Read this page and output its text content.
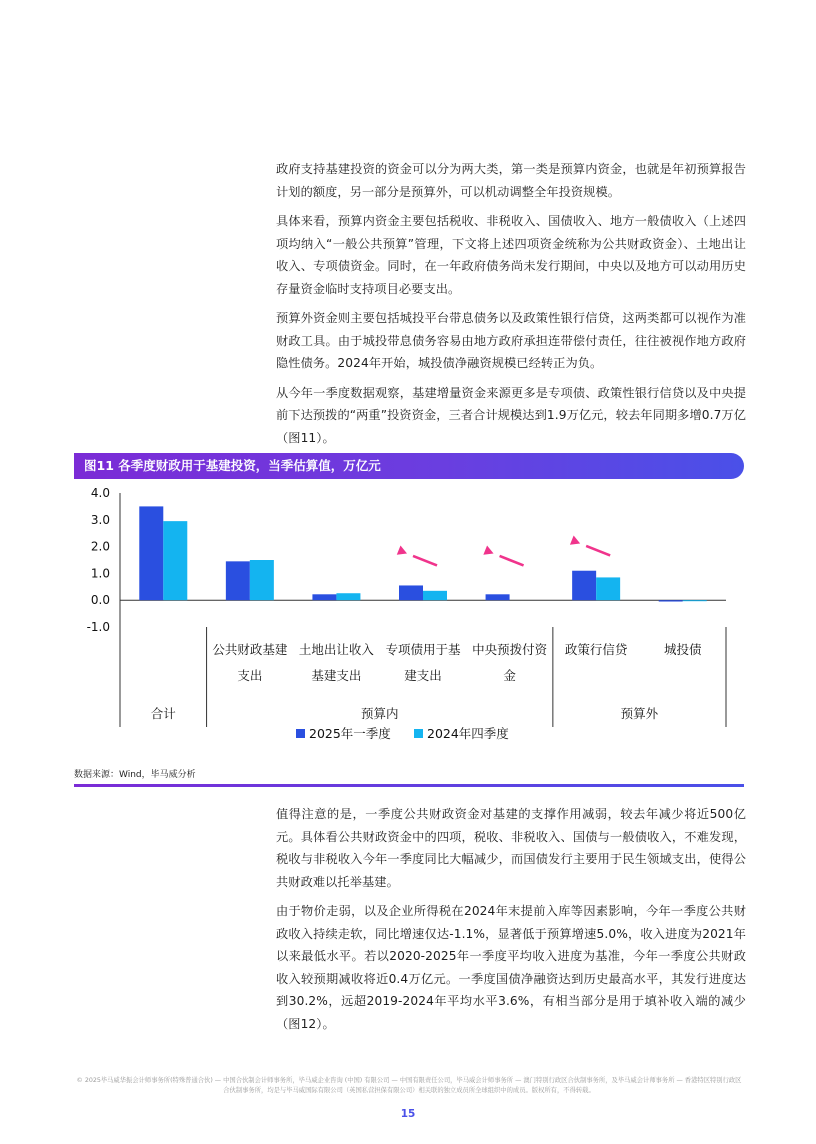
政府支持基建投资的资金可以分为两大类，第一类是预算内资金，也就是年初预算报告计划的额度，另一部分是预算外，可以机动调整全年投资规模。

具体来看，预算内资金主要包括税收、非税收入、国债收入、地方一般债收入（上述四项均纳入“一般公共预算”管理，下文将上述四项资金统称为公共财政资金）、土地出让收入、专项债资金。同时，在一年政府债务尚未发行期间，中央以及地方可以动用历史存量资金临时支持项目必要支出。

预算外资金则主要包括城投平台带息债务以及政策性银行信贷，这两类都可以视作为准财政工具。由于城投带息债务容易由地方政府承担连带偿付责任，往往被视作地方政府隐性债务。2024年开始，城投债净融资规模已经转正为负。

从今年一季度数据观察，基建增量资金来源更多是专项债、政策性银行信贷以及中央提前下达预拨的“两重”投资资金，三者合计规模达到1.9万亿元，较去年同期多增0.7万亿（图11）。

图11 各季度财政用于基建投资，当季估算值，万亿元
4.0
3.0
2.0
1.0
0.0
-1.0
合计
公共财政基建
支出
土地出让收入
基建支出
专项债用于基
建支出
中央预拨付资
金
政策行信贷	城投债
预算内	预算外
2025年一季度	2024年四季度
数据来源：Wind，毕马威分析

值得注意的是，一季度公共财政资金对基建的支撑作用减弱，较去年减少将近500亿元。具体看公共财政资金中的四项，税收、非税收入、国债与一般债收入，不难发现，税收与非税收入今年一季度同比大幅减少，而国债发行主要用于民生领域支出，使得公共财政难以托举基建。

由于物价走弱，以及企业所得税在2024年末提前入库等因素影响，今年一季度公共财政收入持续走软，同比增速仅达-1.1%，显著低于预算增速5.0%，收入进度为2021年以来最低水平。若以2020-2025年一季度平均收入进度为基准，今年一季度公共财政收入较预期减收将近0.4万亿元。一季度国债净融资达到历史最高水平，其发行进度达到30.2%，远超2019-2024年平均水平3.6%，有相当部分是用于填补收入端的减少（图12）。

© 2025毕马威华振会计师事务所(特殊普通合伙) — 中国合伙制会计师事务所，毕马威企业咨询 (中国) 有限公司 — 中国有限责任公司，毕马威会计师事务所 — 澳门特别行政区合伙制事务所，及毕马威会计师事务所 — 香港特区特别行政区合伙制事务所，均是与毕马威国际有限公司（英国私营担保有限公司）相关联的独立成员所全球组织中的成员。版权所有，不得转载。
15
